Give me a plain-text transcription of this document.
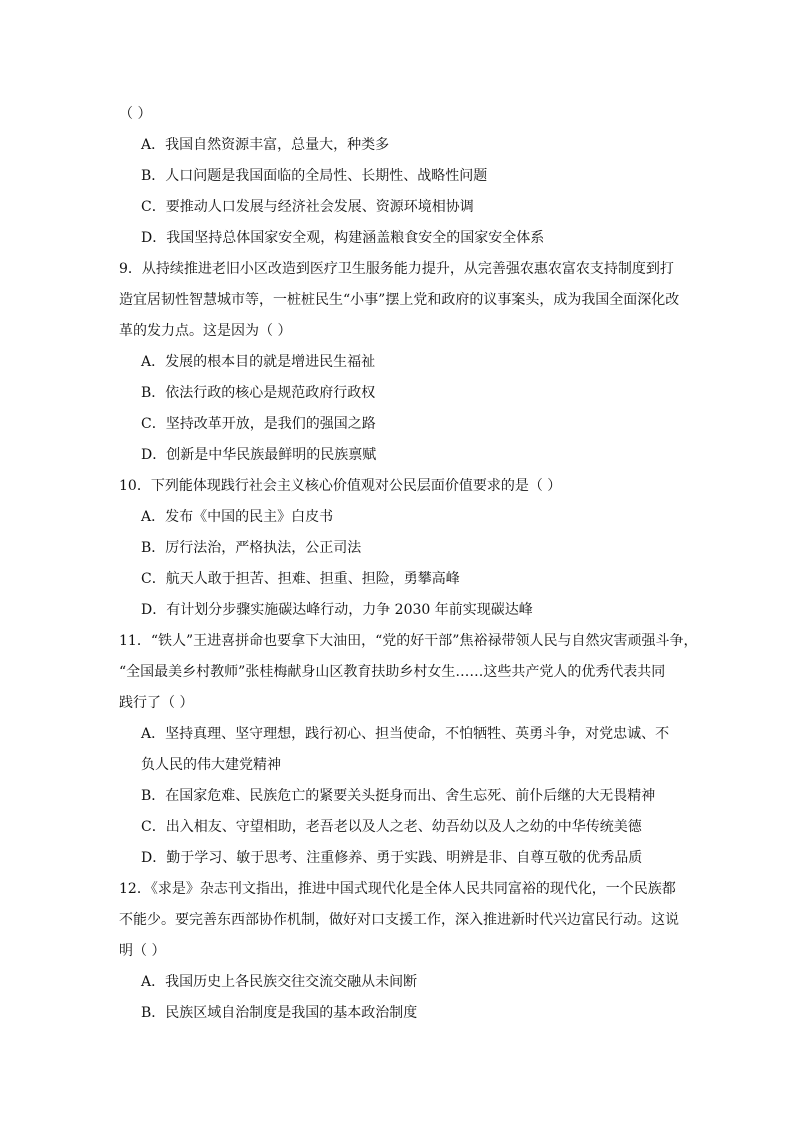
（ ）
A．我国自然资源丰富，总量大，种类多
B．人口问题是我国面临的全局性、长期性、战略性问题
C．要推动人口发展与经济社会发展、资源环境相协调
D．我国坚持总体国家安全观，构建涵盖粮食安全的国家安全体系
9．从持续推进老旧小区改造到医疗卫生服务能力提升，从完善强农惠农富农支持制度到打
造宜居韧性智慧城市等，一桩桩民生“小事”摆上党和政府的议事案头，成为我国全面深化改
革的发力点。这是因为（ ）
A．发展的根本目的就是增进民生福祉
B．依法行政的核心是规范政府行政权
C．坚持改革开放，是我们的强国之路
D．创新是中华民族最鲜明的民族禀赋
10．下列能体现践行社会主义核心价值观对公民层面价值要求的是（ ）
A．发布《中国的民主》白皮书
B．厉行法治，严格执法，公正司法
C．航天人敢于担苦、担难、担重、担险，勇攀高峰
D．有计划分步骤实施碳达峰行动，力争 2030 年前实现碳达峰
11．“铁人”王进喜拼命也要拿下大油田，“党的好干部”焦裕禄带领人民与自然灾害顽强斗争，
“全国最美乡村教师”张桂梅献身山区教育扶助乡村女生……这些共产党人的优秀代表共同
践行了（ ）
A．坚持真理、坚守理想，践行初心、担当使命，不怕牺牲、英勇斗争，对党忠诚、不
负人民的伟大建党精神
B．在国家危难、民族危亡的紧要关头挺身而出、舍生忘死、前仆后继的大无畏精神
C．出入相友、守望相助，老吾老以及人之老、幼吾幼以及人之幼的中华传统美德
D．勤于学习、敏于思考、注重修养、勇于实践、明辨是非、自尊互敬的优秀品质
12．《求是》杂志刊文指出，推进中国式现代化是全体人民共同富裕的现代化，一个民族都
不能少。要完善东西部协作机制，做好对口支援工作，深入推进新时代兴边富民行动。这说
明（ ）
A．我国历史上各民族交往交流交融从未间断
B．民族区域自治制度是我国的基本政治制度
